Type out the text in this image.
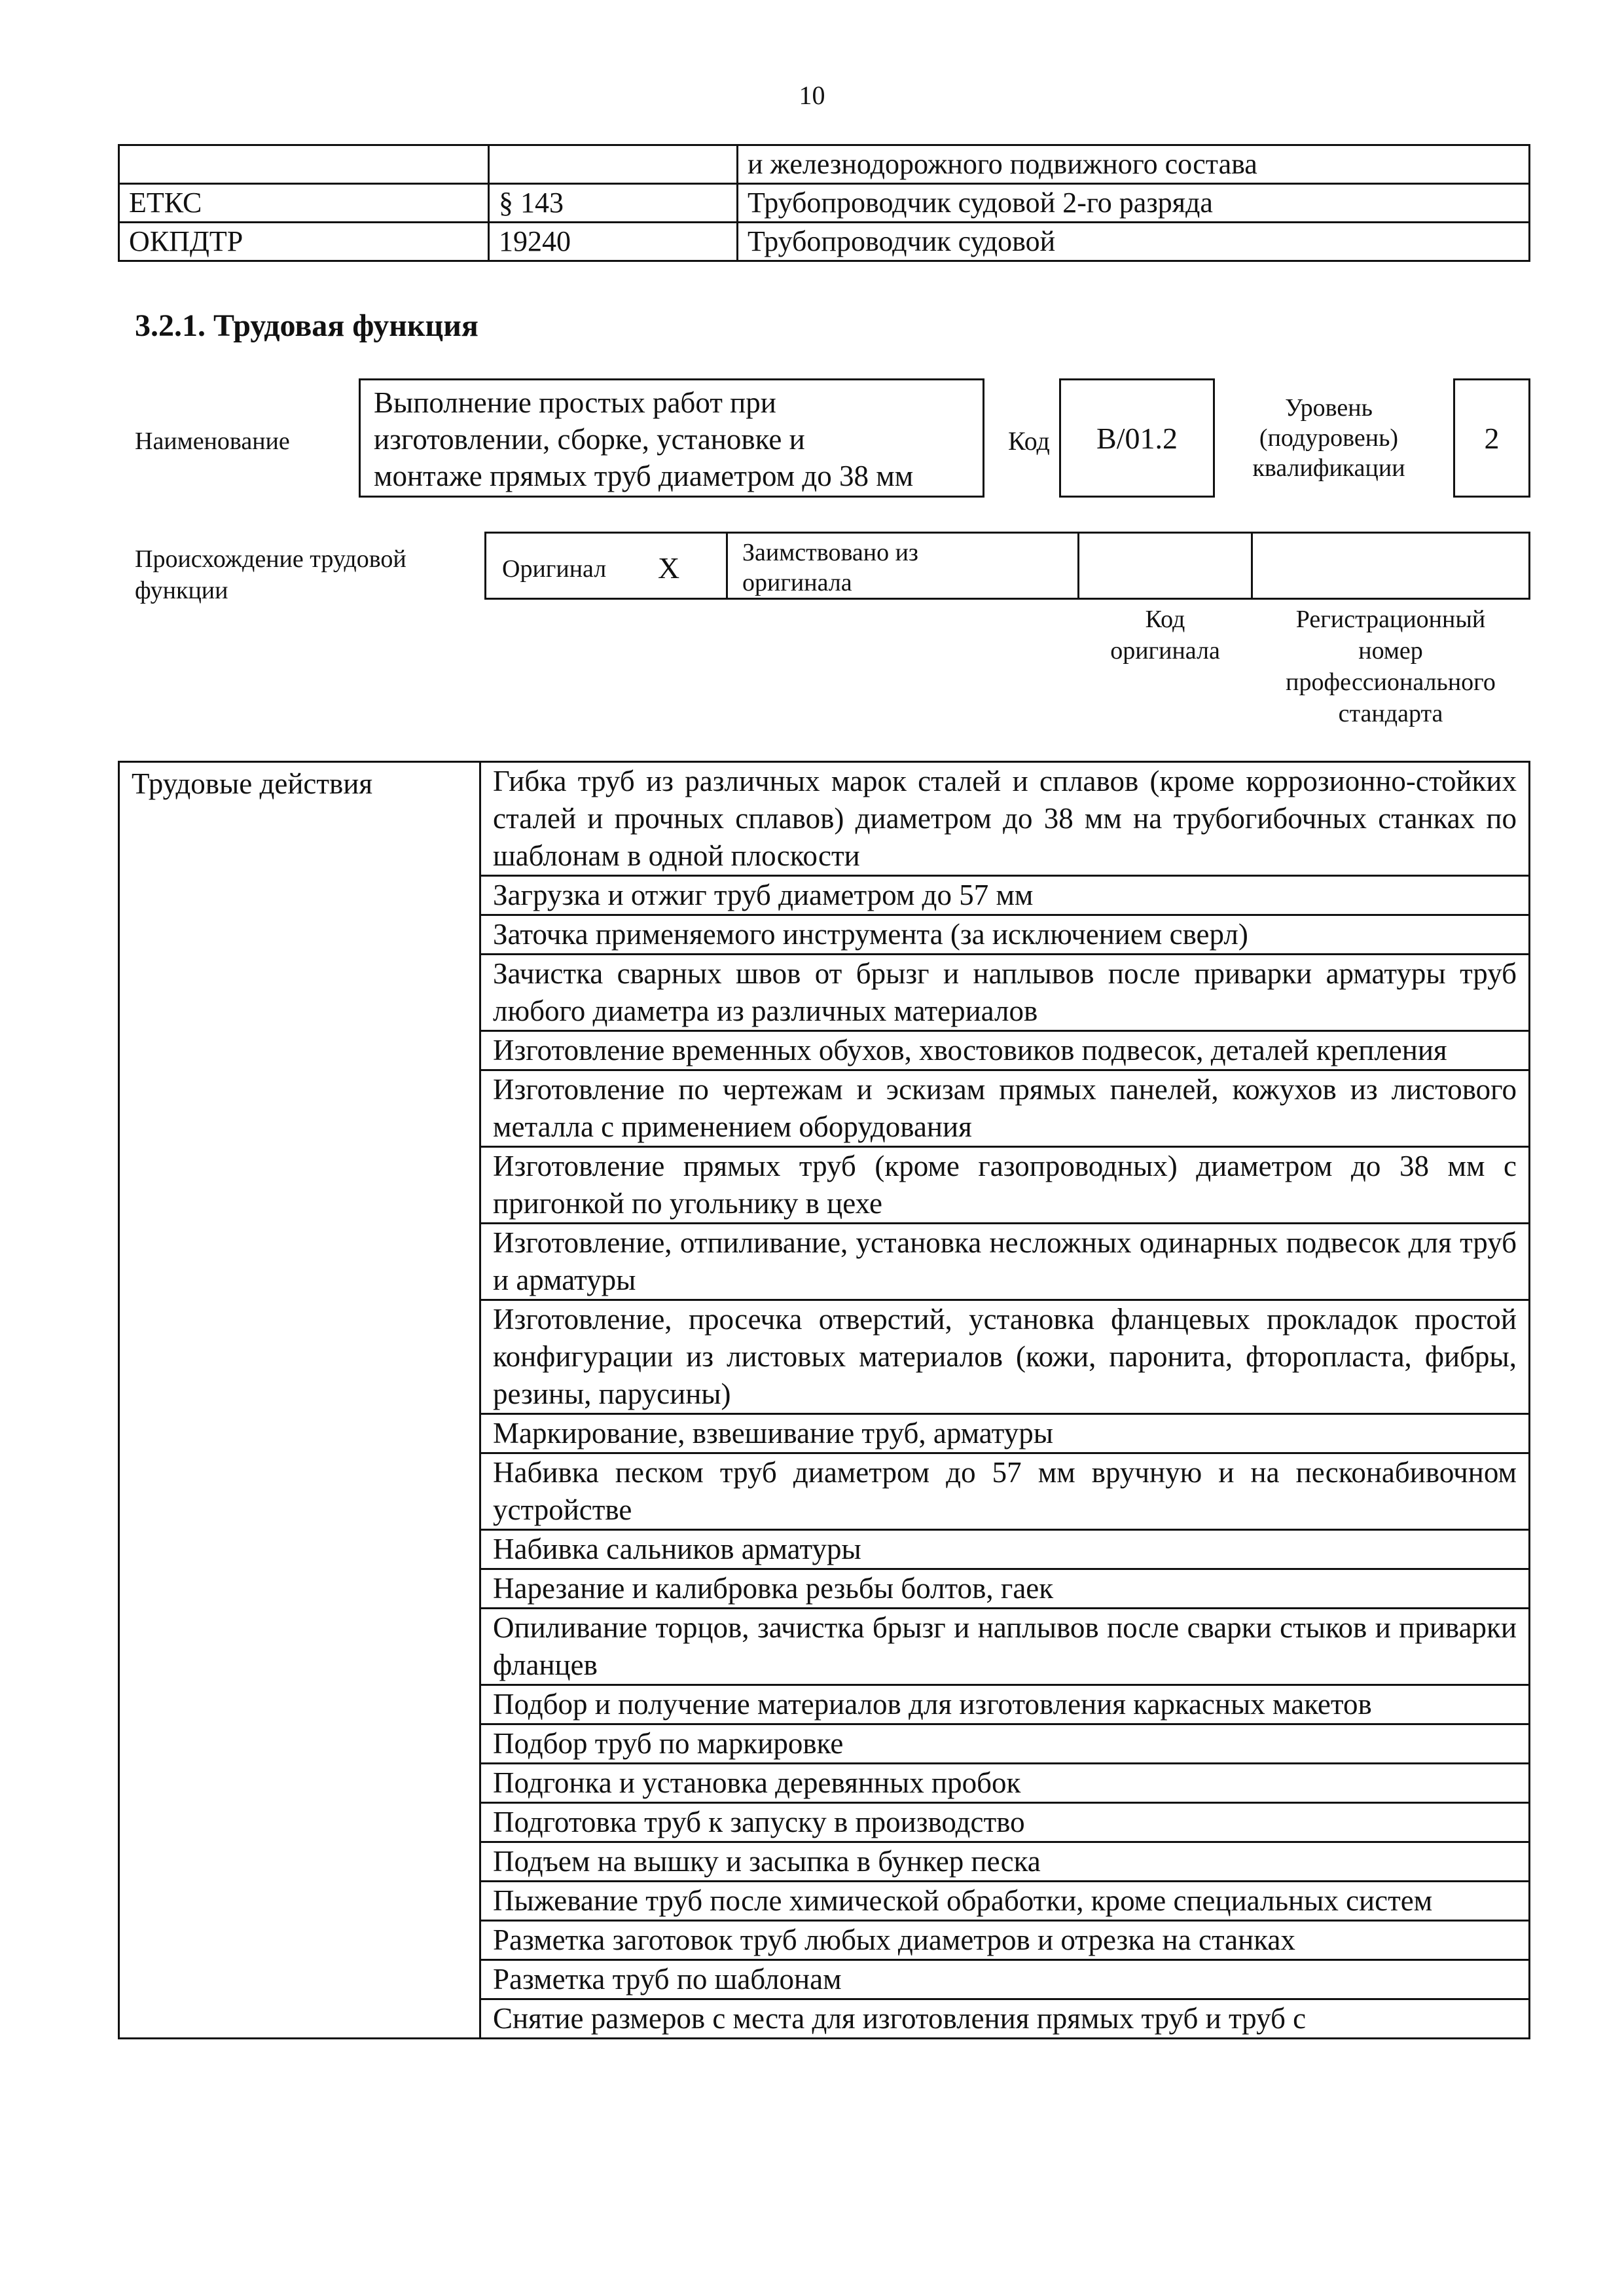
10
		и железнодорожного подвижного состава
ЕТКС	§ 143	Трубопроводчик судовой 2-го разряда
ОКПДТР	19240	Трубопроводчик судовой
3.2.1. Трудовая функция
Наименование
Выполнение простых работ при
изготовлении, сборке, установке и
монтаже прямых труб диаметром до 38 мм
Код В/01.2
Уровень
(подуровень)
квалификации
2
Происхождение трудовой
функции
Оригинал X	Заимствовано из
оригинала
Код
оригинала
Регистрационный
номер
профессионального
стандарта
Трудовые действия	Гибка труб из различных марок сталей и сплавов (кроме коррозионно-стойких сталей и прочных сплавов) диаметром до 38 мм на трубогибочных станках по шаблонам в одной плоскости
Загрузка и отжиг труб диаметром до 57 мм
Заточка применяемого инструмента (за исключением сверл)
Зачистка сварных швов от брызг и наплывов после приварки арматуры труб любого диаметра из различных материалов
Изготовление временных обухов, хвостовиков подвесок, деталей крепления
Изготовление по чертежам и эскизам прямых панелей, кожухов из листового металла с применением оборудования
Изготовление прямых труб (кроме газопроводных) диаметром до 38 мм с пригонкой по угольнику в цехе
Изготовление, отпиливание, установка несложных одинарных подвесок для труб и арматуры
Изготовление, просечка отверстий, установка фланцевых прокладок простой конфигурации из листовых материалов (кожи, паронита, фторопласта, фибры, резины, парусины)
Маркирование, взвешивание труб, арматуры
Набивка песком труб диаметром до 57 мм вручную и на песконабивочном устройстве
Набивка сальников арматуры
Нарезание и калибровка резьбы болтов, гаек
Опиливание торцов, зачистка брызг и наплывов после сварки стыков и приварки фланцев
Подбор и получение материалов для изготовления каркасных макетов
Подбор труб по маркировке
Подгонка и установка деревянных пробок
Подготовка труб к запуску в производство
Подъем на вышку и засыпка в бункер песка
Пыжевание труб после химической обработки, кроме специальных систем
Разметка заготовок труб любых диаметров и отрезка на станках
Разметка труб по шаблонам
Снятие размеров с места для изготовления прямых труб и труб с
